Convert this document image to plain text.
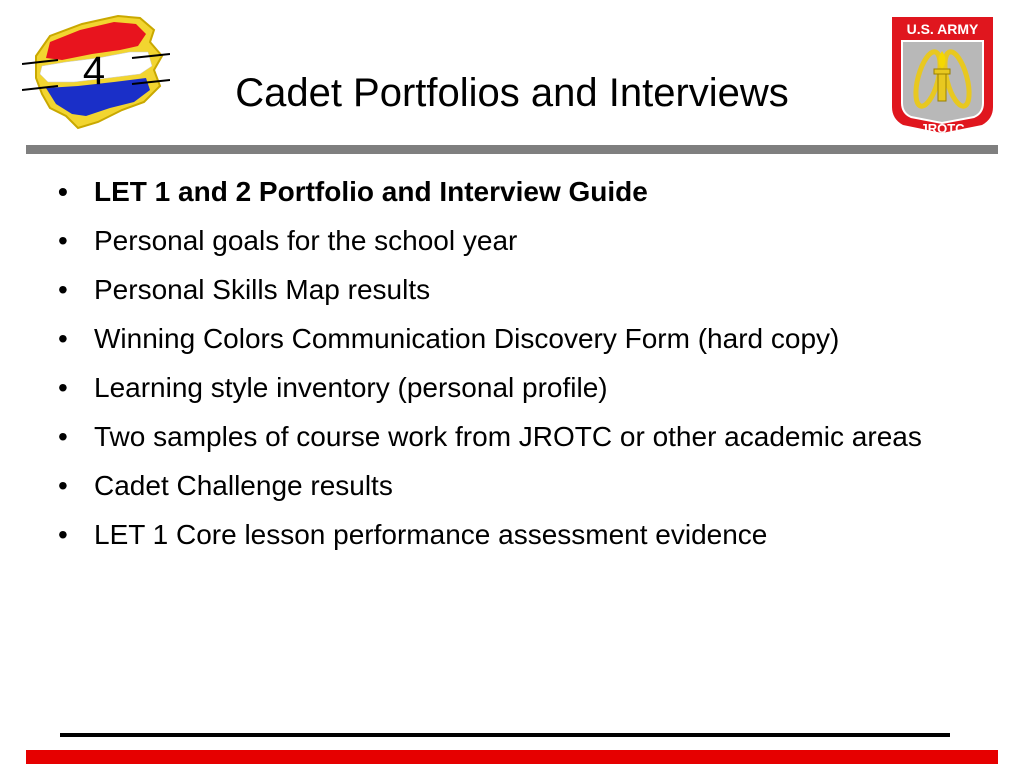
4	Cadet Portfolios and Interviews
U.S. ARMY
JROTC
• LET 1 and 2 Portfolio and Interview Guide
• Personal goals for the school year
• Personal Skills Map results
• Winning Colors Communication Discovery Form (hard copy)
• Learning style inventory (personal profile)
• Two samples of course work from JROTC or other academic areas
• Cadet Challenge results
• LET 1 Core lesson performance assessment evidence
